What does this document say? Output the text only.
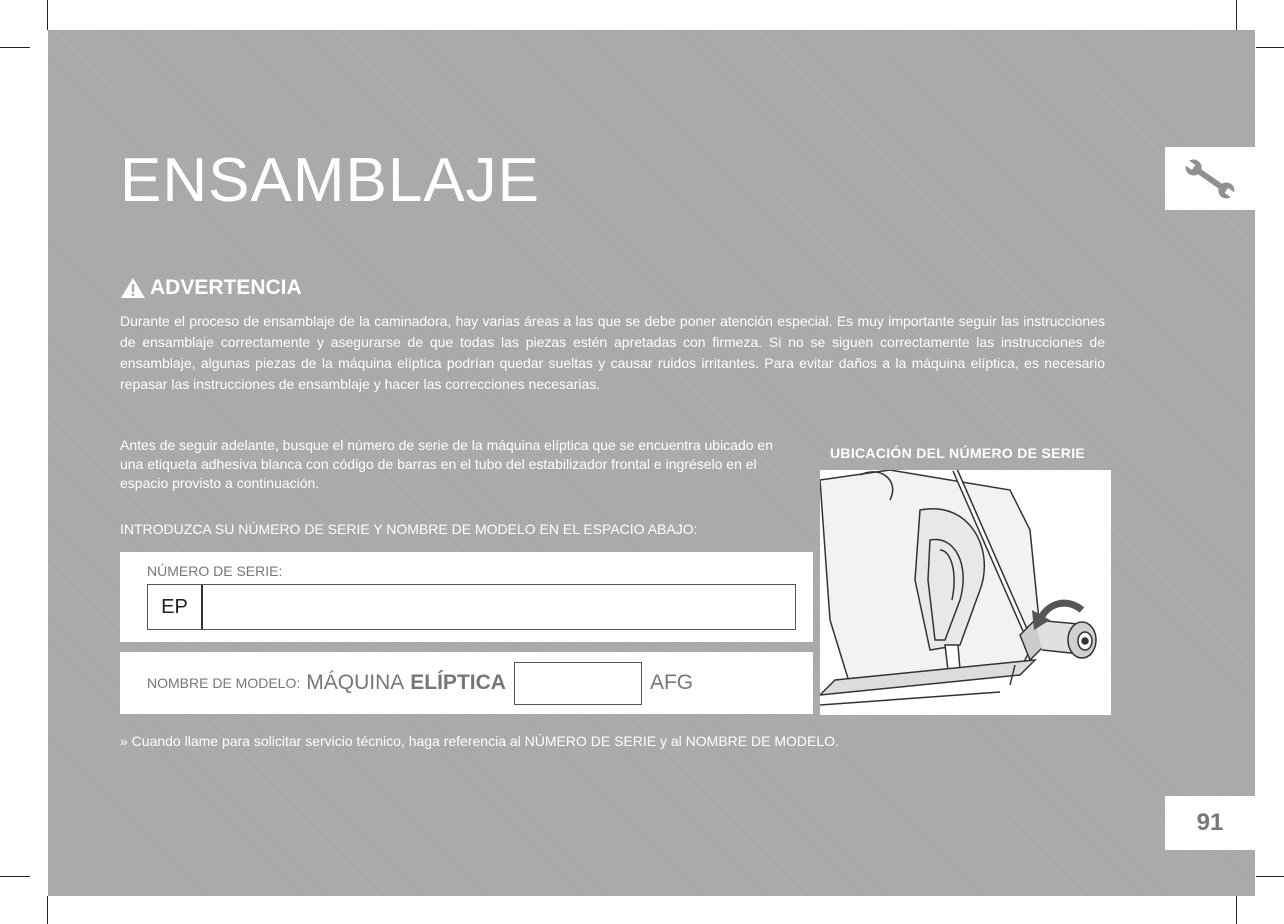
ENSAMBLAJE
ADVERTENCIA

Durante el proceso de ensamblaje de la caminadora, hay varias áreas a las que se debe poner atención especial. Es muy importante seguir las instrucciones de ensamblaje correctamente y asegurarse de que todas las piezas estén apretadas con firmeza. Si no se siguen correctamente las instrucciones de ensamblaje, algunas piezas de la máquina elíptica podrían quedar sueltas y causar ruidos irritantes. Para evitar daños a la máquina elíptica, es necesario repasar las instrucciones de ensamblaje y hacer las correcciones necesarias.

Antes de seguir adelante, busque el número de serie de la máquina elíptica que se encuentra ubicado en una etiqueta adhesiva blanca con código de barras en el tubo del estabilizador frontal e ingréselo en el espacio provisto a continuación.

INTRODUZCA SU NÚMERO DE SERIE Y NOMBRE DE MODELO EN EL ESPACIO ABAJO:
NÚMERO DE SERIE:
EP
NOMBRE DE MODELO: MÁQUINA ELÍPTICA	AFG
UBICACIÓN DEL NÚMERO DE SERIE
» Cuando llame para solicitar servicio técnico, haga referencia al NÚMERO DE SERIE y al NOMBRE DE MODELO.
91
